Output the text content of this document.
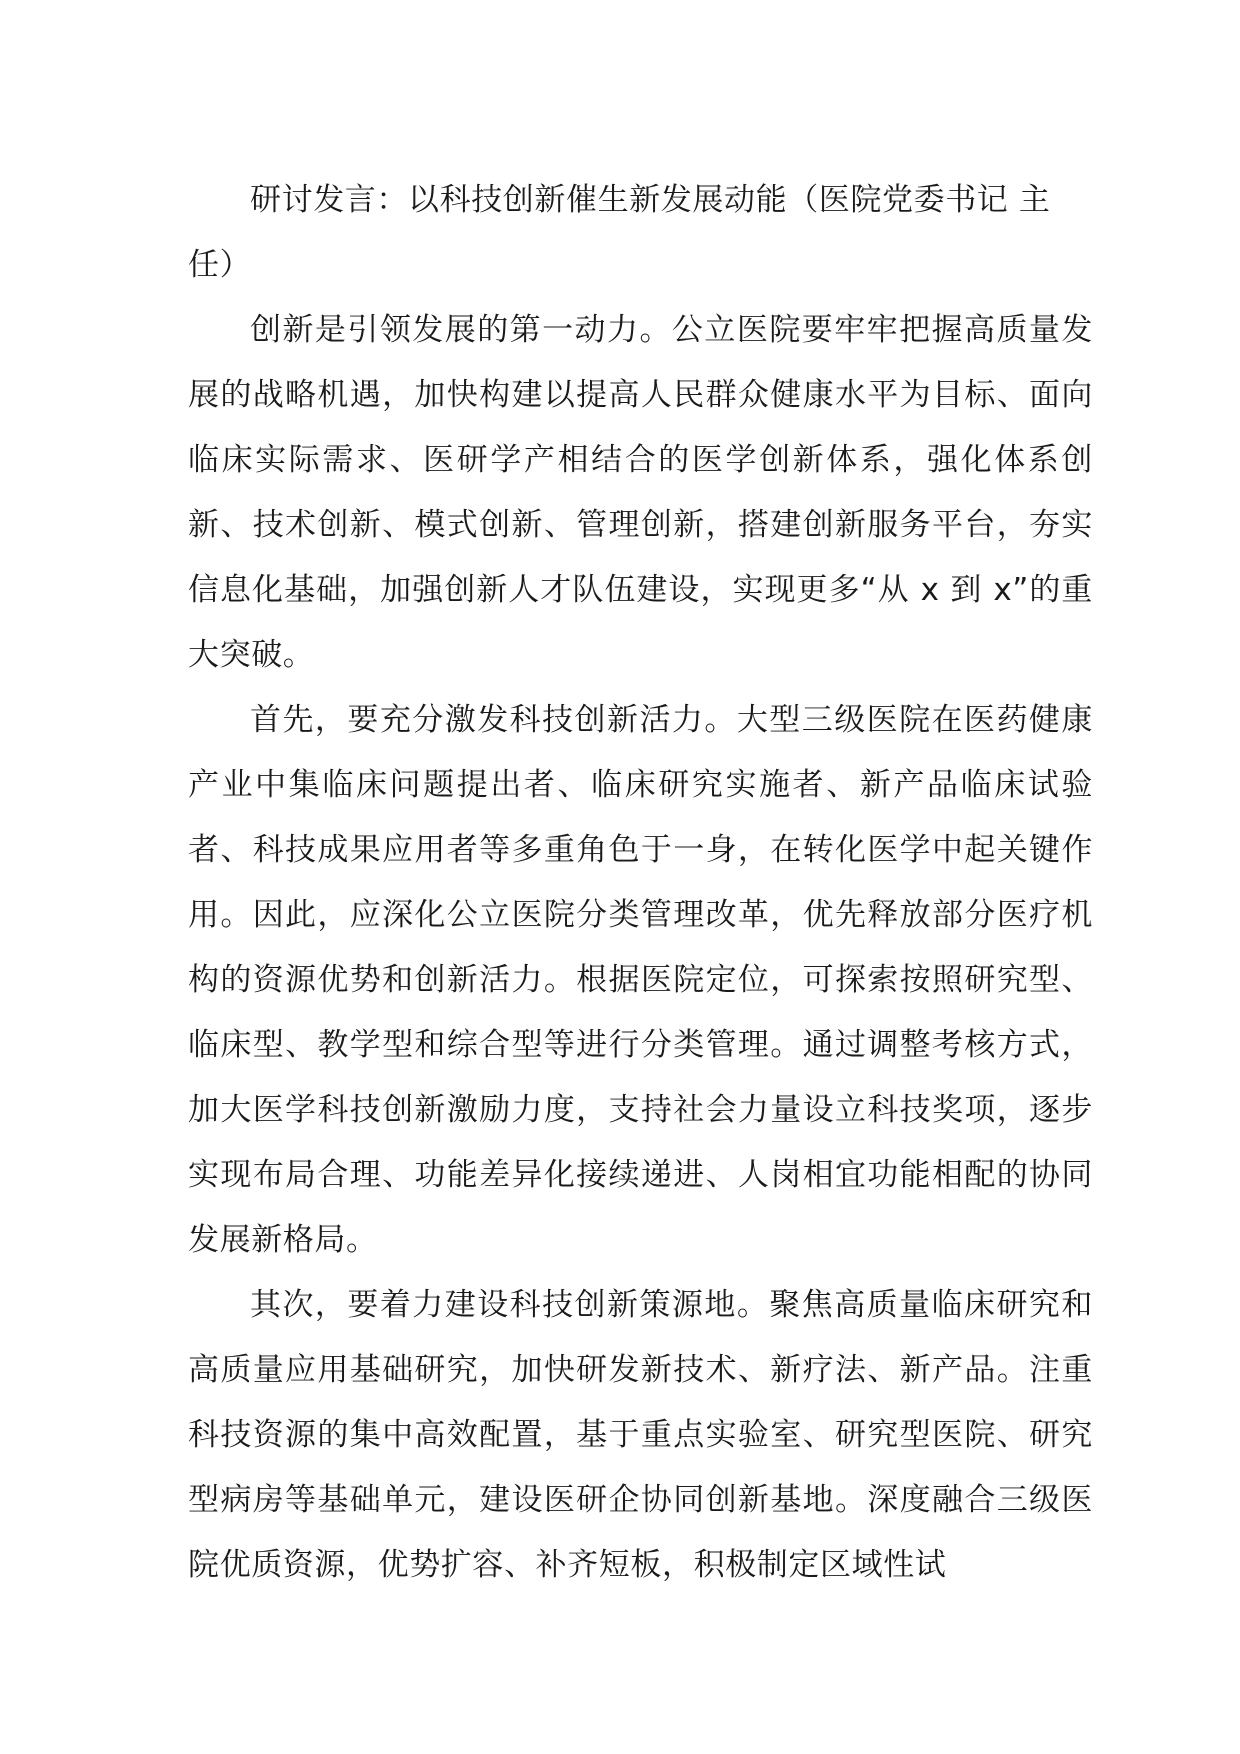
研讨发言：以科技创新催生新发展动能（医院党委书记 主任）

创新是引领发展的第一动力。公立医院要牢牢把握高质量发展的战略机遇，加快构建以提高人民群众健康水平为目标、面向临床实际需求、医研学产相结合的医学创新体系，强化体系创新、技术创新、模式创新、管理创新，搭建创新服务平台，夯实信息化基础，加强创新人才队伍建设，实现更多“从 x 到 x”的重大突破。

首先，要充分激发科技创新活力。大型三级医院在医药健康产业中集临床问题提出者、临床研究实施者、新产品临床试验者、科技成果应用者等多重角色于一身，在转化医学中起关键作用。因此，应深化公立医院分类管理改革，优先释放部分医疗机构的资源优势和创新活力。根据医院定位，可探索按照研究型、临床型、教学型和综合型等进行分类管理。通过调整考核方式，加大医学科技创新激励力度，支持社会力量设立科技奖项，逐步实现布局合理、功能差异化接续递进、人岗相宜功能相配的协同发展新格局。

其次，要着力建设科技创新策源地。聚焦高质量临床研究和高质量应用基础研究，加快研发新技术、新疗法、新产品。注重科技资源的集中高效配置，基于重点实验室、研究型医院、研究型病房等基础单元，建设医研企协同创新基地。深度融合三级医院优质资源，优势扩容、补齐短板，积极制定区域性试
